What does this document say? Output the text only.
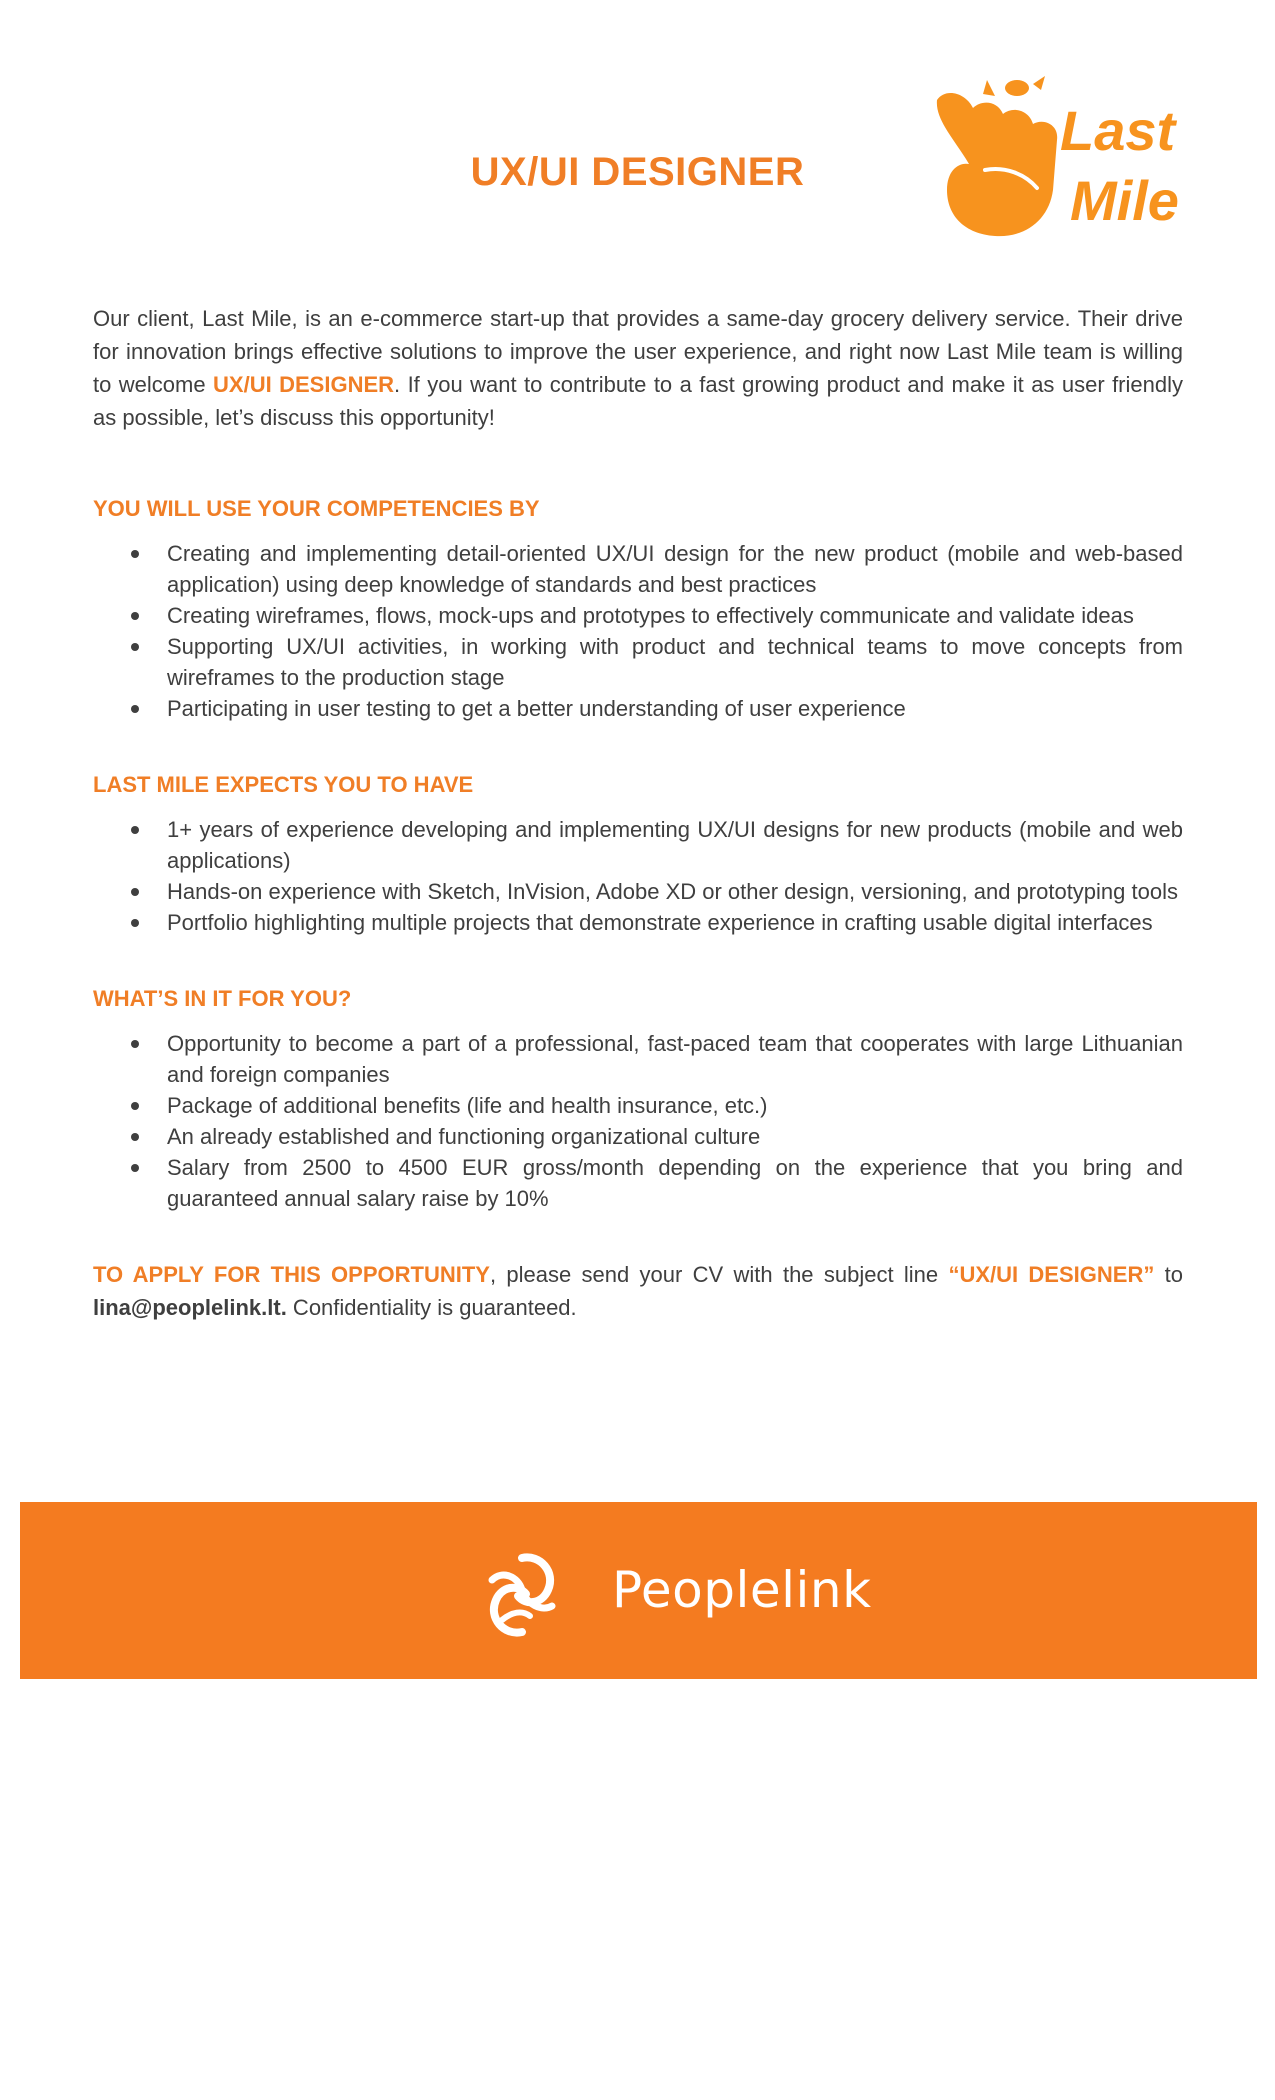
UX/UI DESIGNER
Last
Mile

Our client, Last Mile, is an e-commerce start-up that provides a same-day grocery delivery service. Their drive for innovation brings effective solutions to improve the user experience, and right now Last Mile team is willing to welcome UX/UI DESIGNER. If you want to contribute to a fast growing product and make it as user friendly as possible, let’s discuss this opportunity!

YOU WILL USE YOUR COMPETENCIES BY
Creating and implementing detail-oriented UX/UI design for the new product (mobile and web-based application) using deep knowledge of standards and best practices
Creating wireframes, flows, mock-ups and prototypes to effectively communicate and validate ideas
Supporting UX/UI activities, in working with product and technical teams to move concepts from wireframes to the production stage
Participating in user testing to get a better understanding of user experience
LAST MILE EXPECTS YOU TO HAVE
1+ years of experience developing and implementing UX/UI designs for new products (mobile and web applications)
Hands-on experience with Sketch, InVision, Adobe XD or other design, versioning, and prototyping tools
Portfolio highlighting multiple projects that demonstrate experience in crafting usable digital interfaces
WHAT’S IN IT FOR YOU?
Opportunity to become a part of a professional, fast-paced team that cooperates with large Lithuanian and foreign companies
Package of additional benefits (life and health insurance, etc.)
An already established and functioning organizational culture
Salary from 2500 to 4500 EUR gross/month depending on the experience that you bring and guaranteed annual salary raise by 10%

TO APPLY FOR THIS OPPORTUNITY, please send your CV with the subject line “UX/UI DESIGNER” to lina@peoplelink.lt. Confidentiality is guaranteed.

Peoplelink
